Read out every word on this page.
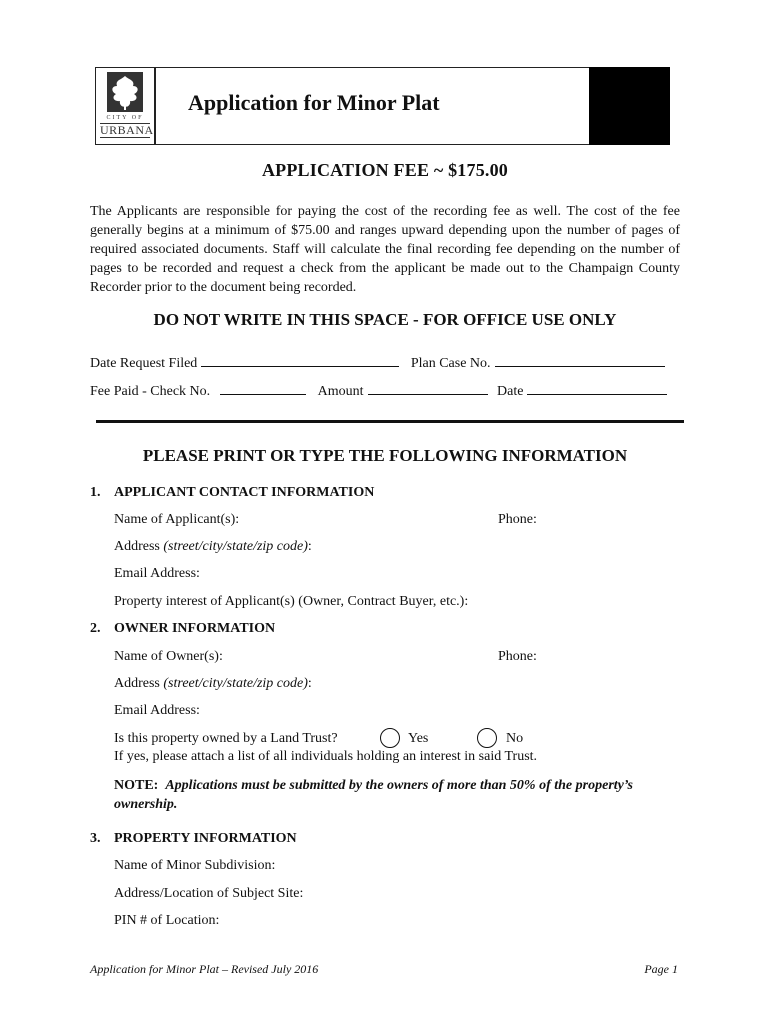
CITY OF
URBANA
Application for Minor Plat
APPLICATION FEE ~ $175.00
The Applicants are responsible for paying the cost of the recording fee as well. The cost of the fee generally begins at a minimum of $75.00 and ranges upward depending upon the number of pages of required associated documents. Staff will calculate the final recording fee depending on the number of pages to be recorded and request a check from the applicant be made out to the Champaign County Recorder prior to the document being recorded.
DO NOT WRITE IN THIS SPACE - FOR OFFICE USE ONLY
Date Request Filed	Plan Case No.
Fee Paid - Check No.	Amount	Date
PLEASE PRINT OR TYPE THE FOLLOWING INFORMATION
1. APPLICANT CONTACT INFORMATION
Name of Applicant(s):	Phone:
Address (street/city/state/zip code):
Email Address:
Property interest of Applicant(s) (Owner, Contract Buyer, etc.):
2. OWNER INFORMATION
Name of Owner(s):	Phone:
Address (street/city/state/zip code):
Email Address:
Is this property owned by a Land Trust?	Yes	No
If yes, please attach a list of all individuals holding an interest in said Trust.
NOTE: Applications must be submitted by the owners of more than 50% of the property’s ownership.
3. PROPERTY INFORMATION
Name of Minor Subdivision:
Address/Location of Subject Site:
PIN # of Location:
Application for Minor Plat – Revised July 2016	Page 1
